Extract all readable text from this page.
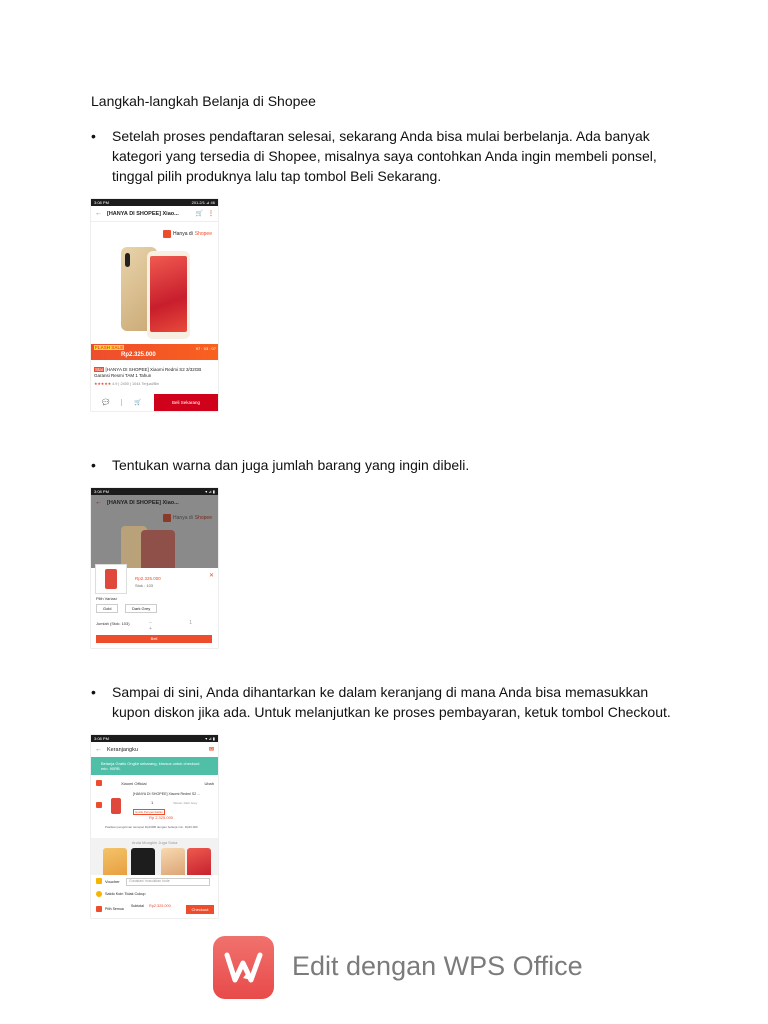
Langkah-langkah Belanja di Shopee
•	Setelah proses pendaftaran selesai, sekarang Anda bisa mulai berbelanja. Ada banyak kategori yang tersedia di Shopee, misalnya saya contohkan Anda ingin membeli ponsel, tinggal pilih produknya lalu tap tombol Beli Sekarang.
3:08 PM	201.2/1 ⊿ 46
← [HANYA DI SHOPEE] Xiao...	🛒 ⋮
Hanya di Shopee
FLASH SALE
Rp2.325.000
97 · 03 : 07
Star [HANYA DI SHOPEE] Xiaomi Redmi S2 3/32GB Garansi Resmi TAM 1 Tahun
★★★★★ 4.9 | 2400 | 1044 Terjual/Bln
💬	🛒	Beli Sekarang
•	Tentukan warna dan juga jumlah barang yang ingin dibeli.
3:08 PM	▾ ⊿ ▮
← [HANYA DI SHOPEE] Xiao...
Hanya di Shopee
Rp2.325.000
Stok : 103
✕
Pilih Variasi
Gold	Dark Grey
Jumlah (Stok: 103)	− 1 +
Beli
•	Sampai di sini, Anda dihantarkan ke dalam keranjang di mana Anda bisa memasukkan kupon diskon jika ada. Untuk melanjutkan ke proses pembayaran, ketuk tombol Checkout.
3:08 PM	▾ ⊿ ▮
← Keranjangku	✉
Belanja Gratis Ongkir sekarang, khusus untuk checkout min. 90RB.
Xiaomi Official	Ubah
[HANYA DI SHOPEE] Xiaomi Redmi S2 ...
1	Variasi: Dark Grey
Gratis Pengembalian
Rp 2.325.000
Pastikan pengiriman tercepat Rp10RB dengan belanja min. Rp30.000
Anda Mungkin Juga Suka
Voucher	Gunakan/ masukkan kode
Saldo Koin Tidak Cukup
Pilih Semua
Subtotal Rp2.325.000
Checkout
Edit dengan WPS Office
